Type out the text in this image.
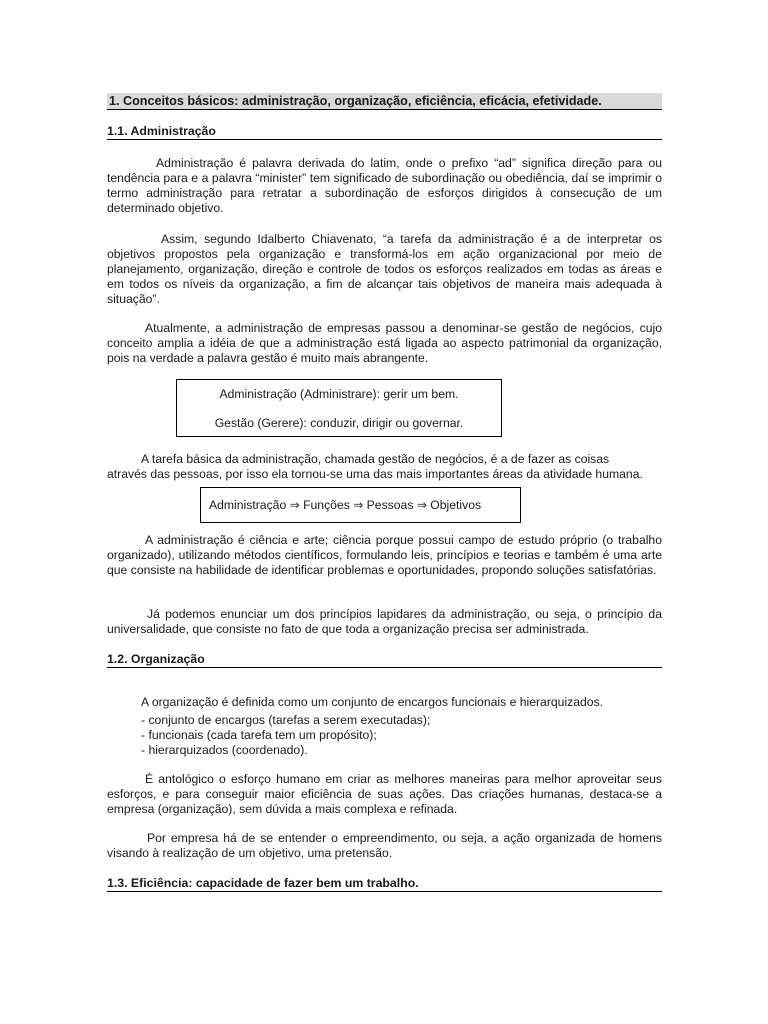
1. Conceitos básicos: administração, organização, eficiência, eficácia, efetividade.
1.1. Administração

Administração é palavra derivada do latim, onde o prefixo “ad” significa direção para ou tendência para e a palavra “minister” tem significado de subordinação ou obediência, daí se imprimir o termo administração para retratar a subordinação de esforços dirigidos à consecução de um determinado objetivo.

Assim, segundo Idalberto Chiavenato, “a tarefa da administração é a de interpretar os objetivos propostos pela organização e transformá-los em ação organizacional por meio de planejamento, organização, direção e controle de todos os esforços realizados em todas as áreas e em todos os níveis da organização, a fim de alcançar tais objetivos de maneira mais adequada à situação”.

Atualmente, a administração de empresas passou a denominar-se gestão de negócios, cujo conceito amplia a idéia de que a administração está ligada ao aspecto patrimonial da organização, pois na verdade a palavra gestão é muito mais abrangente.

Administração (Administrare): gerir um bem.
Gestão (Gerere): conduzir, dirigir ou governar.
A tarefa básica da administração, chamada gestão de negócios, é a de fazer as coisas
através das pessoas, por isso ela tornou-se uma das mais importantes áreas da atividade humana.
Administração ⇒ Funções ⇒ Pessoas ⇒ Objetivos

A administração é ciência e arte; ciência porque possui campo de estudo próprio (o trabalho organizado), utilizando métodos científicos, formulando leis, princípios e teorias e também é uma arte que consiste na habilidade de identificar problemas e oportunidades, propondo soluções satisfatórias.

Já podemos enunciar um dos princípios lapidares da administração, ou seja, o princípio da universalidade, que consiste no fato de que toda a organização precisa ser administrada.

1.2. Organização

A organização é definida como um conjunto de encargos funcionais e hierarquizados.

- conjunto de encargos (tarefas a serem executadas);
- funcionais (cada tarefa tem um propósito);
- hierarquizados (coordenado).

É antológico o esforço humano em criar as melhores maneiras para melhor aproveitar seus esforços, e para conseguir maior eficiência de suas ações. Das criações humanas, destaca-se a empresa (organização), sem dúvida a mais complexa e refinada.

Por empresa há de se entender o empreendimento, ou seja, a ação organizada de homens visando à realização de um objetivo, uma pretensão.

1.3. Eficiência: capacidade de fazer bem um trabalho.
